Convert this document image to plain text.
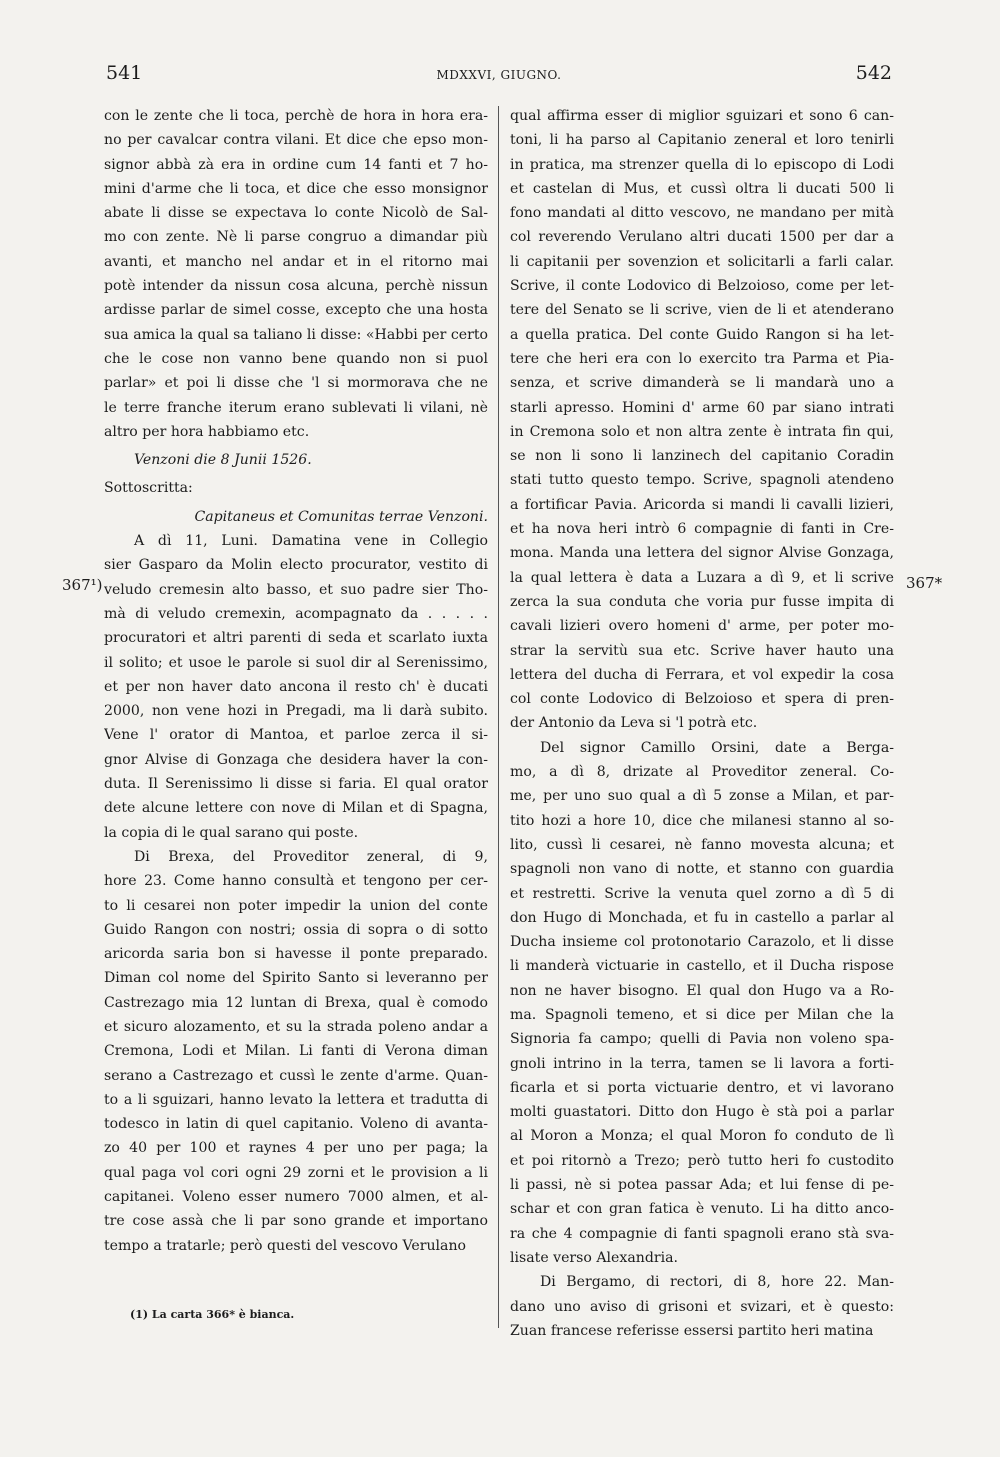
541	MDXXVI, GIUGNO.	542
367¹)	367*
con le zente che li toca, perchè de hora in hora era-
no per cavalcar contra vilani. Et dice che epso mon-
signor abbà zà era in ordine cum 14 fanti et 7 ho-
mini d'arme che li toca, et dice che esso monsignor
abate li disse se expectava lo conte Nicolò de Sal-
mo con zente. Nè li parse congruo a dimandar più
avanti, et mancho nel andar et in el ritorno mai
potè intender da nissun cosa alcuna, perchè nissun
ardisse parlar de simel cosse, excepto che una hosta
sua amica la qual sa taliano li disse: «Habbi per certo
che le cose non vanno bene quando non si puol
parlar» et poi li disse che 'l si mormorava che ne
le terre franche iterum erano sublevati li vilani, nè
altro per hora habbiamo etc.
Venzoni die 8 Junii 1526.
Sottoscritta:
Capitaneus et Comunitas terrae Venzoni.
A dì 11, Luni. Damatina vene in Collegio
sier Gasparo da Molin electo procurator, vestito di
veludo cremesin alto basso, et suo padre sier Tho-
mà di veludo cremexin, acompagnato da . . . . .
procuratori et altri parenti di seda et scarlato iuxta
il solito; et usoe le parole si suol dir al Serenissimo,
et per non haver dato ancona il resto ch' è ducati
2000, non vene hozi in Pregadi, ma li darà subito.
Vene l' orator di Mantoa, et parloe zerca il si-
gnor Alvise di Gonzaga che desidera haver la con-
duta. Il Serenissimo li disse si faria. El qual orator
dete alcune lettere con nove di Milan et di Spagna,
la copia di le qual sarano qui poste.
Di Brexa, del Proveditor zeneral, di 9,
hore 23. Come hanno consultà et tengono per cer-
to li cesarei non poter impedir la union del conte
Guido Rangon con nostri; ossia di sopra o di sotto
aricorda saria bon si havesse il ponte preparado.
Diman col nome del Spirito Santo si leveranno per
Castrezago mia 12 luntan di Brexa, qual è comodo
et sicuro alozamento, et su la strada poleno andar a
Cremona, Lodi et Milan. Li fanti di Verona diman
serano a Castrezago et cussì le zente d'arme. Quan-
to a li sguizari, hanno levato la lettera et tradutta di
todesco in latin di quel capitanio. Voleno di avanta-
zo 40 per 100 et raynes 4 per uno per paga; la
qual paga vol cori ogni 29 zorni et le provision a li
capitanei. Voleno esser numero 7000 almen, et al-
tre cose assà che li par sono grande et importano
tempo a tratarle; però questi del vescovo Verulano
qual affirma esser di miglior sguizari et sono 6 can-
toni, li ha parso al Capitanio zeneral et loro tenirli
in pratica, ma strenzer quella di lo episcopo di Lodi
et castelan di Mus, et cussì oltra li ducati 500 li
fono mandati al ditto vescovo, ne mandano per mità
col reverendo Verulano altri ducati 1500 per dar a
li capitanii per sovenzion et solicitarli a farli calar.
Scrive, il conte Lodovico di Belzoioso, come per let-
tere del Senato se li scrive, vien de li et atenderano
a quella pratica. Del conte Guido Rangon si ha let-
tere che heri era con lo exercito tra Parma et Pia-
senza, et scrive dimanderà se li mandarà uno a
starli apresso. Homini d' arme 60 par siano intrati
in Cremona solo et non altra zente è intrata fin qui,
se non li sono li lanzinech del capitanio Coradin
stati tutto questo tempo. Scrive, spagnoli atendeno
a fortificar Pavia. Aricorda si mandi li cavalli lizieri,
et ha nova heri intrò 6 compagnie di fanti in Cre-
mona. Manda una lettera del signor Alvise Gonzaga,
la qual lettera è data a Luzara a dì 9, et li scrive
zerca la sua conduta che voria pur fusse impita di
cavali lizieri overo homeni d' arme, per poter mo-
strar la servitù sua etc. Scrive haver hauto una
lettera del ducha di Ferrara, et vol expedir la cosa
col conte Lodovico di Belzoioso et spera di pren-
der Antonio da Leva si 'l potrà etc.
Del signor Camillo Orsini, date a Berga-
mo, a dì 8, drizate al Proveditor zeneral. Co-
me, per uno suo qual a dì 5 zonse a Milan, et par-
tito hozi a hore 10, dice che milanesi stanno al so-
lito, cussì li cesarei, nè fanno movesta alcuna; et
spagnoli non vano di notte, et stanno con guardia
et restretti. Scrive la venuta quel zorno a dì 5 di
don Hugo di Monchada, et fu in castello a parlar al
Ducha insieme col protonotario Carazolo, et li disse
li manderà victuarie in castello, et il Ducha rispose
non ne haver bisogno. El qual don Hugo va a Ro-
ma. Spagnoli temeno, et si dice per Milan che la
Signoria fa campo; quelli di Pavia non voleno spa-
gnoli intrino in la terra, tamen se li lavora a forti-
ficarla et si porta victuarie dentro, et vi lavorano
molti guastatori. Ditto don Hugo è stà poi a parlar
al Moron a Monza; el qual Moron fo conduto de lì
et poi ritornò a Trezo; però tutto heri fo custodito
li passi, nè si potea passar Ada; et lui fense di pe-
schar et con gran fatica è venuto. Li ha ditto anco-
ra che 4 compagnie di fanti spagnoli erano stà sva-
lisate verso Alexandria.
Di Bergamo, di rectori, di 8, hore 22. Man-
dano uno aviso di grisoni et svizari, et è questo:
Zuan francese referisse essersi partito heri matina
(1) La carta 366* è bianca.
